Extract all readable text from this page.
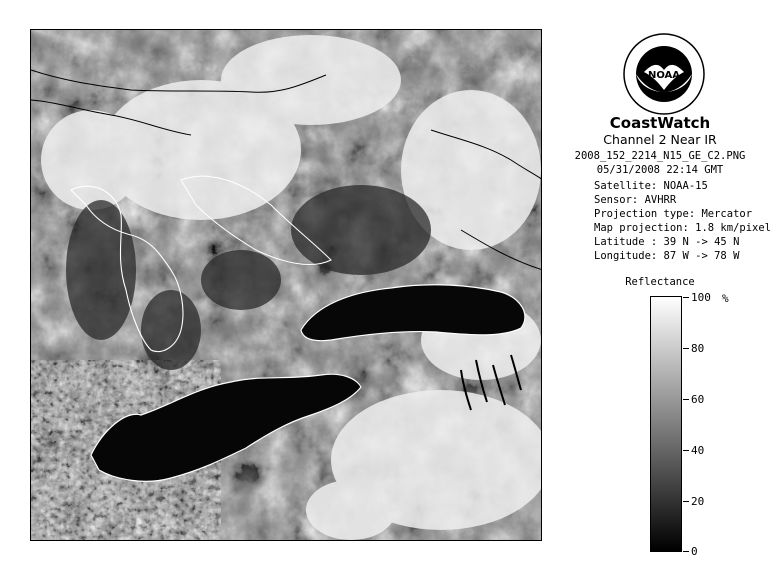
NOAA
CoastWatch
Channel 2 Near IR
2008_152_2214_N15_GE_C2.PNG
05/31/2008 22:14 GMT
Satellite: NOAA-15
Sensor: AVHRR
Projection type: Mercator
Map projection: 1.8 km/pixel
Latitude : 39 N -> 45 N
Longitude: 87 W -> 78 W
Reflectance
%
100
80
60
40
20
0
